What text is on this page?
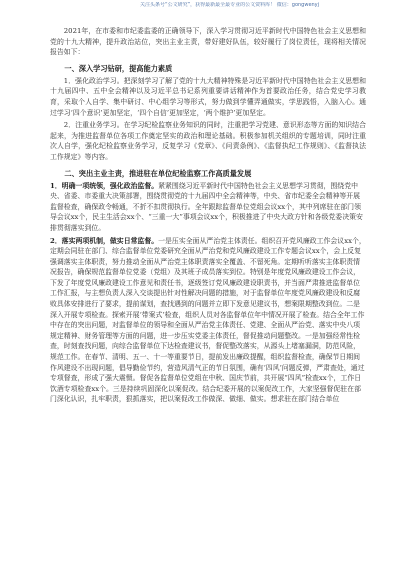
关注头条号“公文研究”，获得最新最全最专业的公文资料库！ 微信：gongwenyj

2021年，在市委和市纪委监委的正确领导下，深入学习贯彻习近平新时代中国特色社会主义思想和党的十九大精神，提升政治站位，突出主业主责，带好建好队伍，较好履行了岗位责任，现将相关情况报告如下：

一、深入学习钻研，提高能力素质

1．强化政治学习。把深刻学习了解了党的十九大精神特殊是习近平新时代中国特色社会主义思想和十九届四中、五中全会精神以及习近平总书记系列重要讲话精神作为首要政治任务，结合党史学习教育，采取个人自学、集中研讨、中心组学习等形式，努力做到学懂弄通做实，学思践悟，入脑入心。通过学习‘四个意识’更加坚定，‘四个自信’更加坚定，‘两个维护’更加坚定。

2．注重业务学习。在学习纪检监察业务知识的同时，注重把学习党建、意识形态等方面的知识结合起来，为推进监督单位各项工作奠定坚实的政治和理论基础。积极参加机关组织的专题培训，同时注重次人自学，强化纪检监察业务学习，反复学习《党章》、《问责条例》、《监督执纪工作规则》、《监督执法工作规定》等内容。

二、突出主业主责，推进驻在单位纪检监察工作高质量发展

1．明确一项统领，强化政治监督。紧紧围绕习近平新时代中国特色社会主义思想学习贯彻，围绕党中央、省委、市委重大决策部署，围绕贯彻党的十九届四中全会精神等，中央、省市纪委全会精神等开展监督检查，确保政令畅通，不折不扣贯彻执行。全年跟踪监督单位党组会议xx个，其中列席驻在部门领导会议xx个，民主生活会xx个、“三重一大”事项会议xx个，积极推进了中央大政方针和各级党委决策安排贯彻落实到位。

2．落实两项机制，做实日常监督。一是压实全面从严治党主体责任。组织召开党风廉政工作会议xx个，定期会同驻在部门、综合监督单位党委研究全面从严治党和党风廉政建设工作专题会议xx个，会上反复强调落实主体职责，努力推动全面从严治党主体职责落实全覆盖、不留死角。定期听听落实主体职责情况报告，确保规范监督单位党委（党组）及其班子成员落实到位。特别是年度党风廉政建设工作会议，下发了年度党风廉政建设工作意见和责任书，逐级签订党风廉政建设职责书，并当面严肃推进监督单位工作汇报，与主想负责人深入交谈提出针对性解决问题的措施，对于监督单位年度党风廉政建设和反腐败具体安排进行了要求，提前谋划，查找遇到的问题并立即下发意见建议书，想案限期整改到位。二是深入开展专项检查。探索开展‘带案式’检查，组织人员对各监督单位年中情况开展了检查。结合全年工作中存在的突出问题，对监督单位的领导和全面从严治党主体责任、党建、全面从严治党、落实中央八项规定精神、财务管理等方面的问题，进一步压实党委主体责任，督促推动问题整改。一是加强经常性检查，时刻查找问题，向综合监督单位下达检查建议书，督促整改落实，从源头上堵塞漏洞，防范风险，规范工作。在春节、清明、五一、十一等重要节日，提前发出廉政提醒，组织监督检查，确保节日期间作风建设不出现问题，倡导勤俭节约，营造风清气正的节日氛围，确有‘四风’问题反弹，严肃查处，通过专项督查，形成了强大震慑。督促各监督单位党组在中秋、国庆节前，共开展“四风”检查xx个，工作日饮酒专项检查xx个。三是持续巩固深化以案促改。结合纪委开展的以案促改工作，大家坚强督促驻在部门深化认识，扎牢职责，狠抓落实，把以案促改工作做深、做细、做实。想求驻在部门结合单位
